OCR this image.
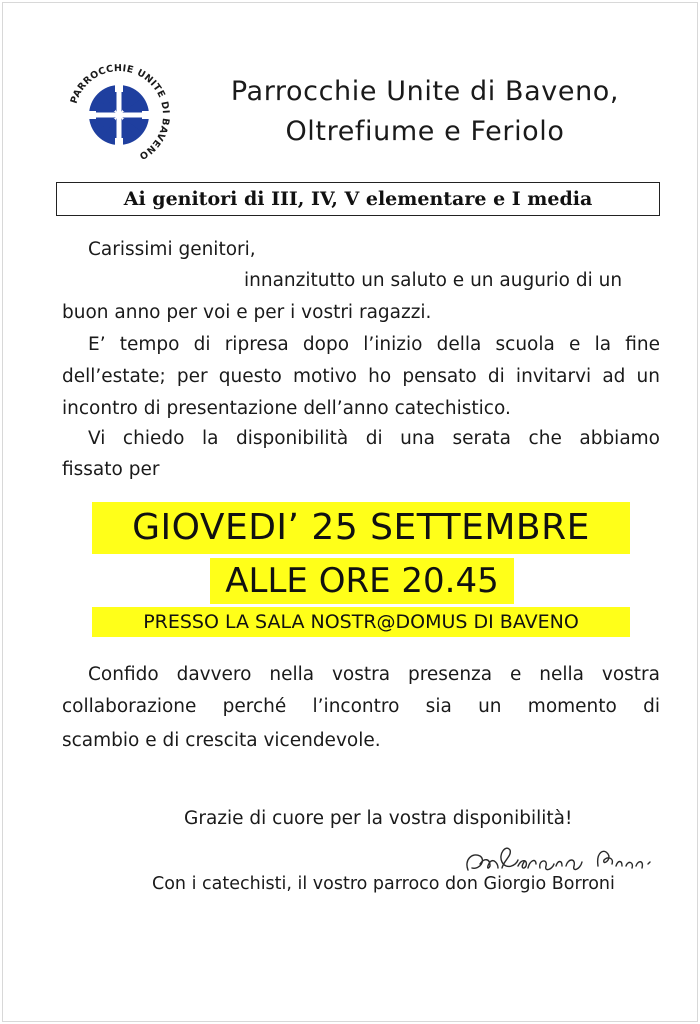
PARROCCHIE UNITE DI BAVENO
Parrocchie Unite di Baveno,
Oltrefiume e Feriolo
Ai genitori di III, IV, V elementare e I media
Carissimi genitori,
innanzitutto un saluto e un augurio di un
buon anno per voi e per i vostri ragazzi.
E’ tempo di ripresa dopo l’inizio della scuola e la fine
dell’estate; per questo motivo ho pensato di invitarvi ad un
incontro di presentazione dell’anno catechistico.
Vi chiedo la disponibilità di una serata che abbiamo
fissato per
Confido davvero nella vostra presenza e nella vostra
collaborazione perché l’incontro sia un momento di
scambio e di crescita vicendevole.
GIOVEDI’ 25 SETTEMBRE
ALLE ORE 20.45
PRESSO LA SALA NOSTR@DOMUS DI BAVENO
Grazie di cuore per la vostra disponibilità!
Con i catechisti, il vostro parroco don Giorgio Borroni
